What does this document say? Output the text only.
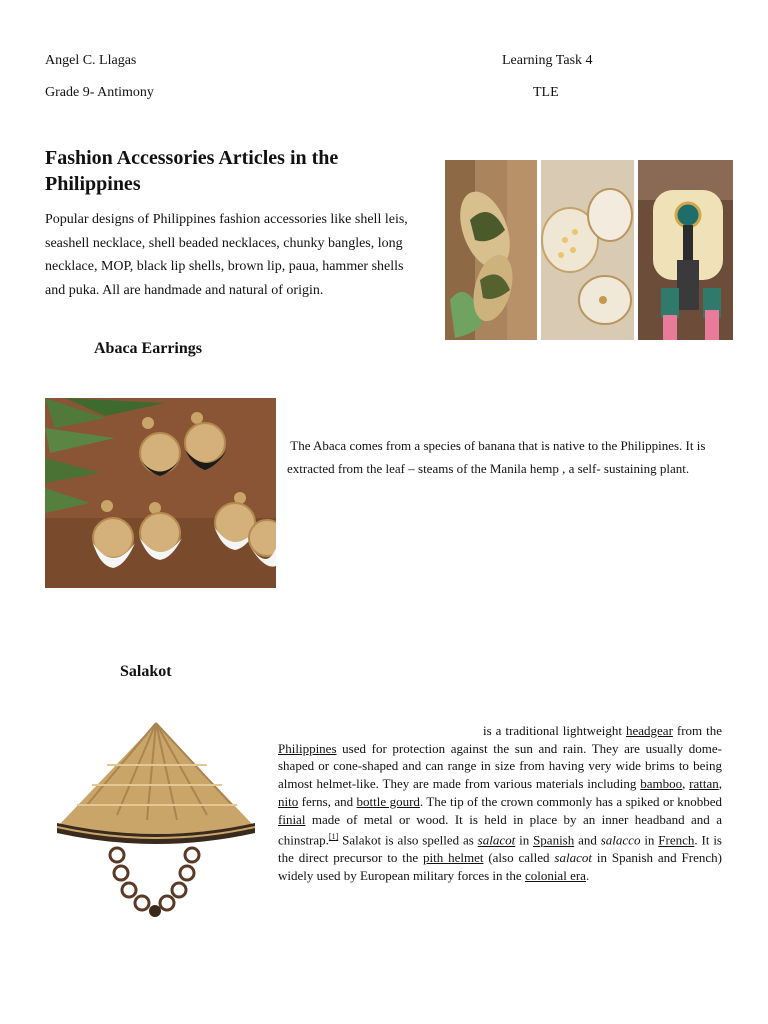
Angel C. Llagas	Learning Task 4
Grade 9- Antimony	TLE
Fashion Accessories Articles in the Philippines
Popular designs of Philippines fashion accessories like shell leis, seashell necklace, shell beaded necklaces, chunky bangles, long necklace, MOP, black lip shells, brown lip, paua, hammer shells and puka. All are handmade and natural of origin.
Abaca Earrings
The Abaca comes from a species of banana that is native to the Philippines. It is extracted from the leaf – steams of the Manila hemp , a self- sustaining plant.
Salakot
is a traditional lightweight headgear from the Philippines used for protection against the sun and rain. They are usually dome-shaped or cone-shaped and can range in size from having very wide brims to being almost helmet-like. They are made from various materials including bamboo, rattan, nito ferns, and bottle gourd. The tip of the crown commonly has a spiked or knobbed finial made of metal or wood. It is held in place by an inner headband and a chinstrap.[1] Salakot is also spelled as salacot in Spanish and salacco in French. It is the direct precursor to the pith helmet (also called salacot in Spanish and French) widely used by European military forces in the colonial era.
